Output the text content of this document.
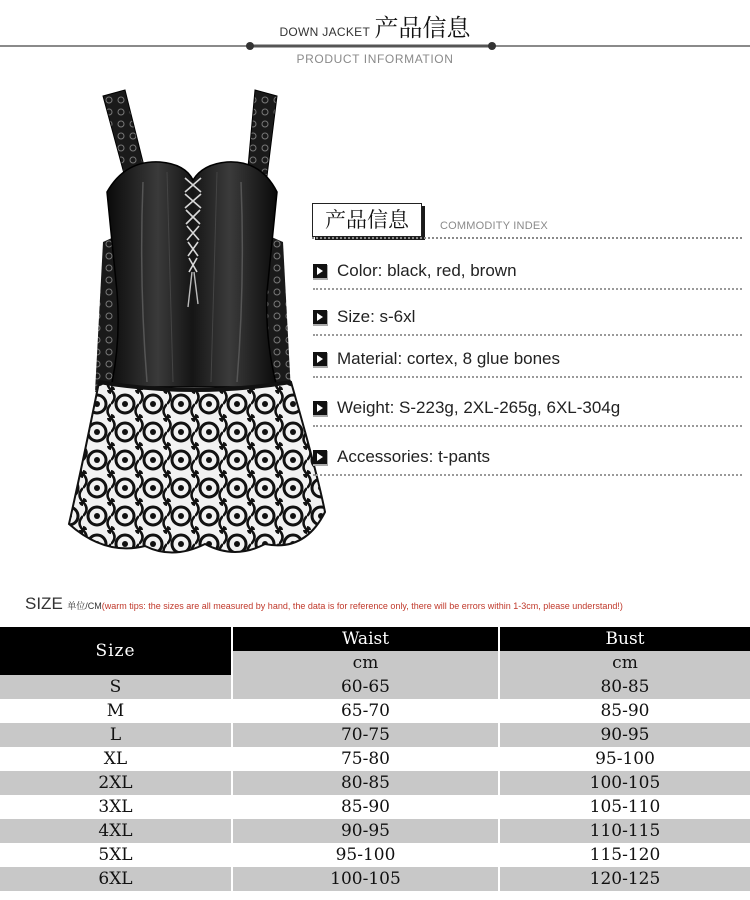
DOWN JACKET 产品信息
PRODUCT INFORMATION
产品信息	COMMODITY INDEX
Color: black, red, brown
Size: s-6xl
Material: cortex, 8 glue bones
Weight: S-223g, 2XL-265g, 6XL-304g
Accessories: t-pants
SIZE 单位/CM(warm tips: the sizes are all measured by hand, the data is for reference only, there will be errors within 1-3cm, please understand!)
Size	Waist	Bust
	cm	cm
S	60-65	80-85
M	65-70	85-90
L	70-75	90-95
XL	75-80	95-100
2XL	80-85	100-105
3XL	85-90	105-110
4XL	90-95	110-115
5XL	95-100	115-120
6XL	100-105	120-125
